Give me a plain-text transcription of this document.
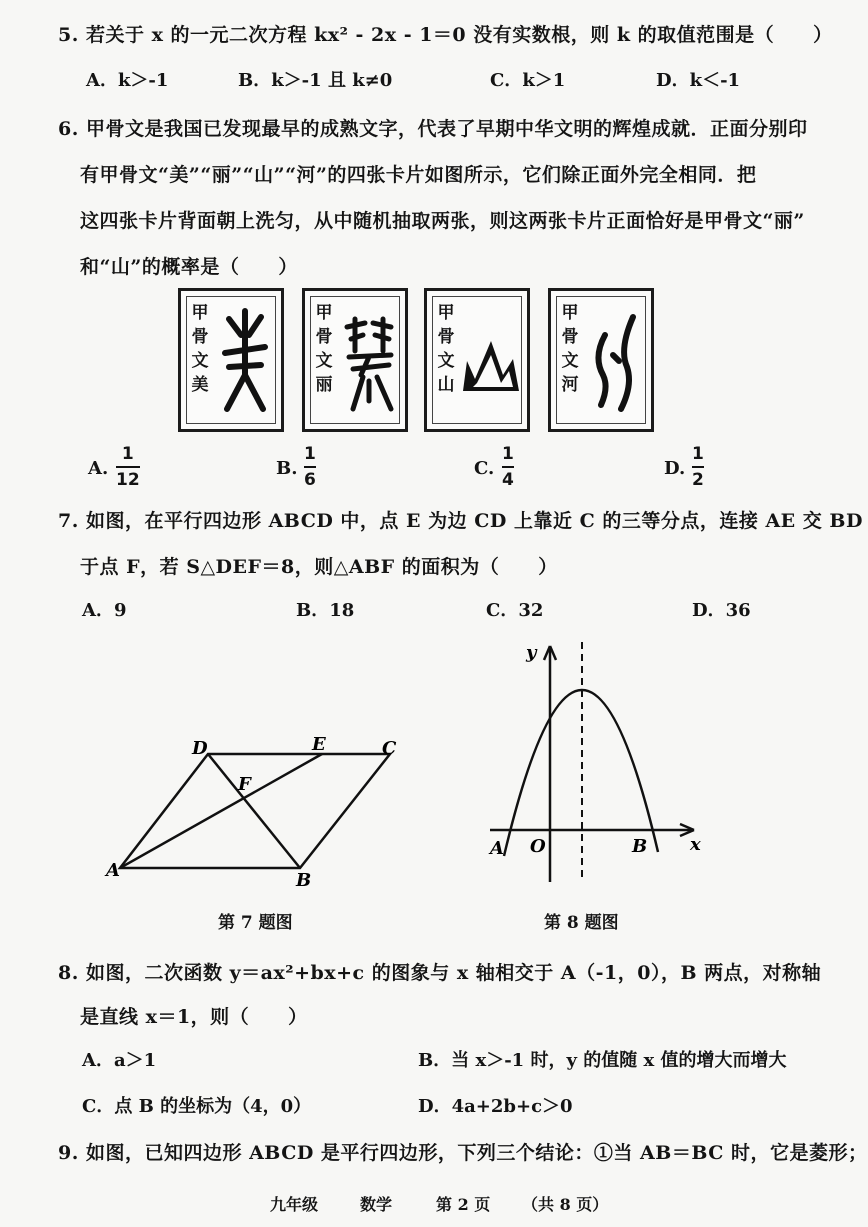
5. 若关于 x 的一元二次方程 kx² - 2x - 1＝0 没有实数根，则 k 的取值范围是（　　）
A．k＞-1	B．k＞-1 且 k≠0	C．k＞1	D．k＜-1
6. 甲骨文是我国已发现最早的成熟文字，代表了早期中华文明的辉煌成就．正面分别印
有甲骨文“美”“丽”“山”“河”的四张卡片如图所示，它们除正面外完全相同．把
这四张卡片背面朝上洗匀，从中随机抽取两张，则这两张卡片正面恰好是甲骨文“丽”
和“山”的概率是（　　）
甲
骨
文
美
甲
骨
文
丽
甲
骨
文
山
甲
骨
文
河
A.
1
12
B.
1
6
C.
1
4
D.
1
2
7. 如图，在平行四边形 ABCD 中，点 E 为边 CD 上靠近 C 的三等分点，连接 AE 交 BD
于点 F，若 S△DEF＝8，则△ABF 的面积为（　　）
A．9	B．18	C．32	D．36
A	B
C
D	E
F
第 7 题图
y
x
O
A	B
第 8 题图
8. 如图，二次函数 y＝ax²+bx+c 的图象与 x 轴相交于 A（-1，0），B 两点，对称轴
是直线 x＝1，则（　　）
A．a＞1	B．当 x＞-1 时，y 的值随 x 值的增大而增大
C．点 B 的坐标为（4，0）	D．4a+2b+c＞0
9. 如图，已知四边形 ABCD 是平行四边形，下列三个结论：①当 AB＝BC 时，它是菱形；
九年级	数学	第 2 页 （共 8 页）
